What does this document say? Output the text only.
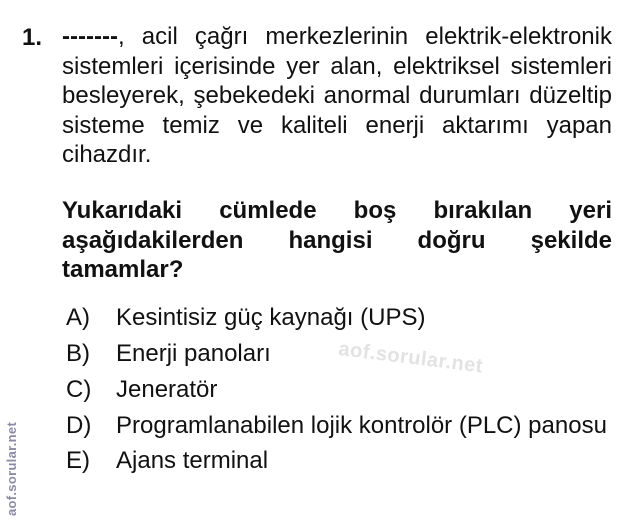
1. -------, acil çağrı merkezlerinin elektrik-elektronik sistemleri içerisinde yer alan, elektriksel sistemleri besleyerek, şebekedeki anormal durumları düzeltip sisteme temiz ve kaliteli enerji aktarımı yapan cihazdır.
Yukarıdaki cümlede boş bırakılan yeri aşağıdakilerden hangisi doğru şekilde tamamlar?
A)	Kesintisiz güç kaynağı (UPS)
B)	Enerji panoları
C)	Jeneratör
D)	Programlanabilen lojik kontrolör (PLC) panosu
E)	Ajans terminal
aof.sorular.net
aof.sorular.net
